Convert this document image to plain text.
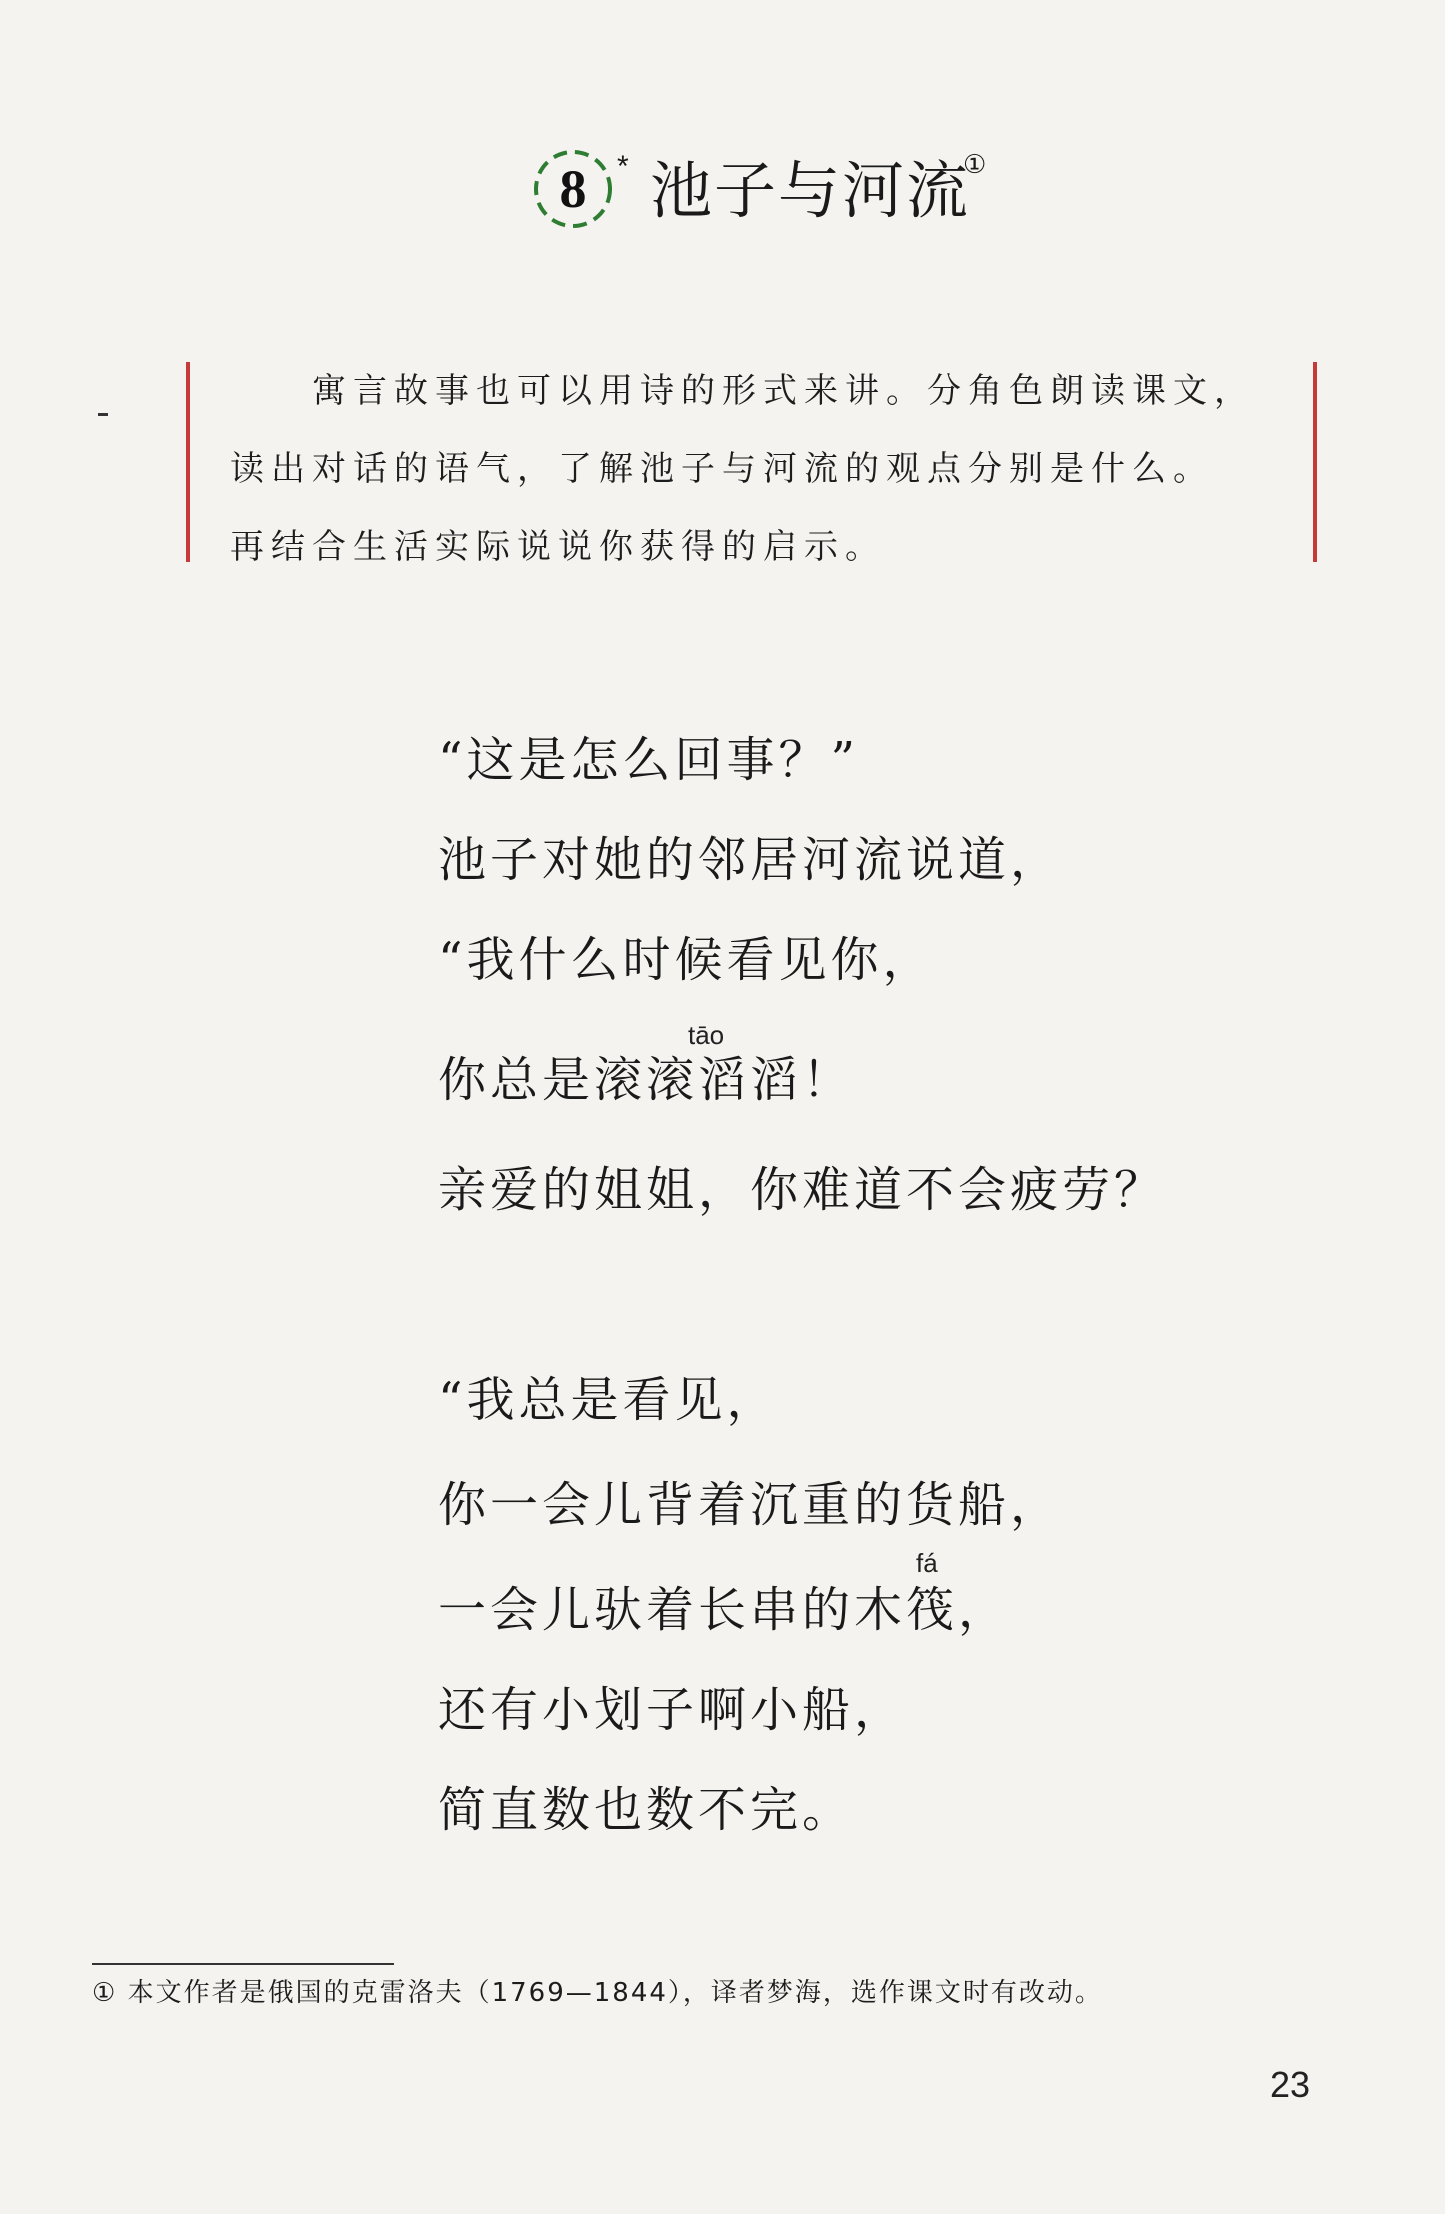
8	* 池子与河流
①
寓言故事也可以用诗的形式来讲。分角色朗读课文，
读出对话的语气，了解池子与河流的观点分别是什么。
再结合生活实际说说你获得的启示。
“这是怎么回事？”
池子对她的邻居河流说道，
“我什么时候看见你，
tāo
你总是滚滚滔滔！
亲爱的姐姐，你难道不会疲劳？
“我总是看见，
你一会儿背着沉重的货船，
fá
一会儿驮着长串的木筏，
还有小划子啊小船，
简直数也数不完。
① 本文作者是俄国的克雷洛夫（1769—1844），译者梦海，选作课文时有改动。
23
